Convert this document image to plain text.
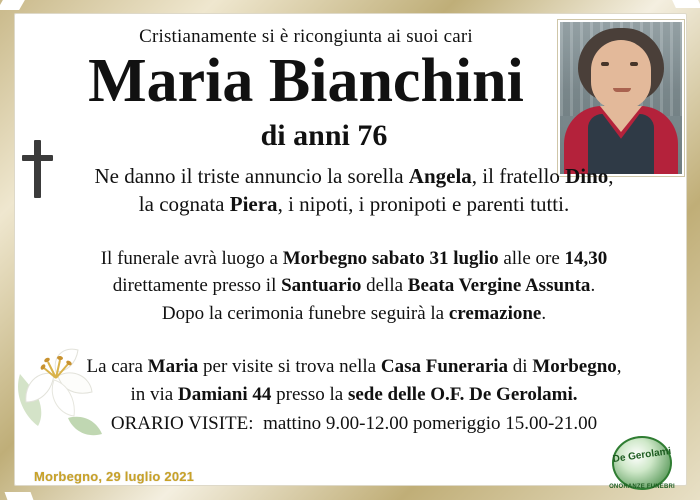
Cristianamente si è ricongiunta ai suoi cari

Maria Bianchini
di anni 76
Ne danno il triste annuncio la sorella Angela, il fratello Dino,
la cognata Piera, i nipoti, i pronipoti e parenti tutti.
Il funerale avrà luogo a Morbegno sabato 31 luglio alle ore 14,30
direttamente presso il Santuario della Beata Vergine Assunta.
Dopo la cerimonia funebre seguirà la cremazione.
La cara Maria per visite si trova nella Casa Funeraria di Morbegno,
in via Damiani 44 presso la sede delle O.F. De Gerolami.
ORARIO VISITE: mattino 9.00-12.00 pomeriggio 15.00-21.00
Morbegno, 29 luglio 2021
De Gerolami
ONORANZE FUNEBRI
